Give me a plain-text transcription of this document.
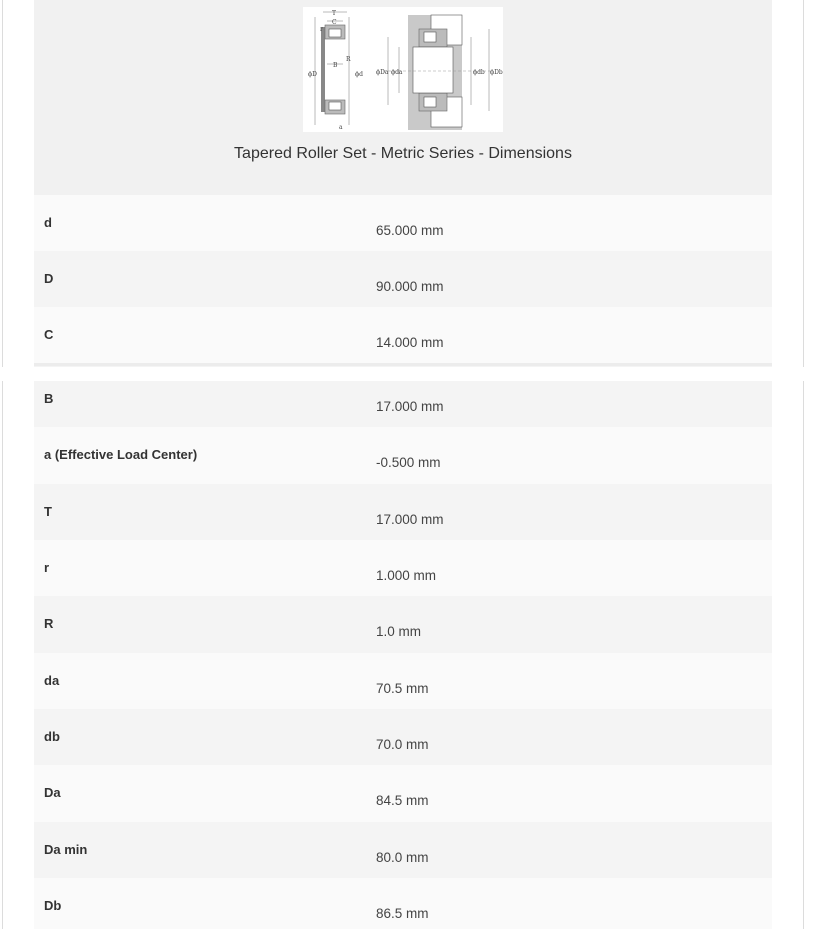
T
C
B
r
R
ϕD	ϕd
a
ϕDa ϕda	ϕdb ϕDb
Tapered Roller Set - Metric Series - Dimensions
d
65.000 mm
D
90.000 mm
C
14.000 mm
B
17.000 mm
a (Effective Load Center)
-0.500 mm
T
17.000 mm
r
1.000 mm
R
1.0 mm
da
70.5 mm
db
70.0 mm
Da
84.5 mm
Da min
80.0 mm
Db
86.5 mm
